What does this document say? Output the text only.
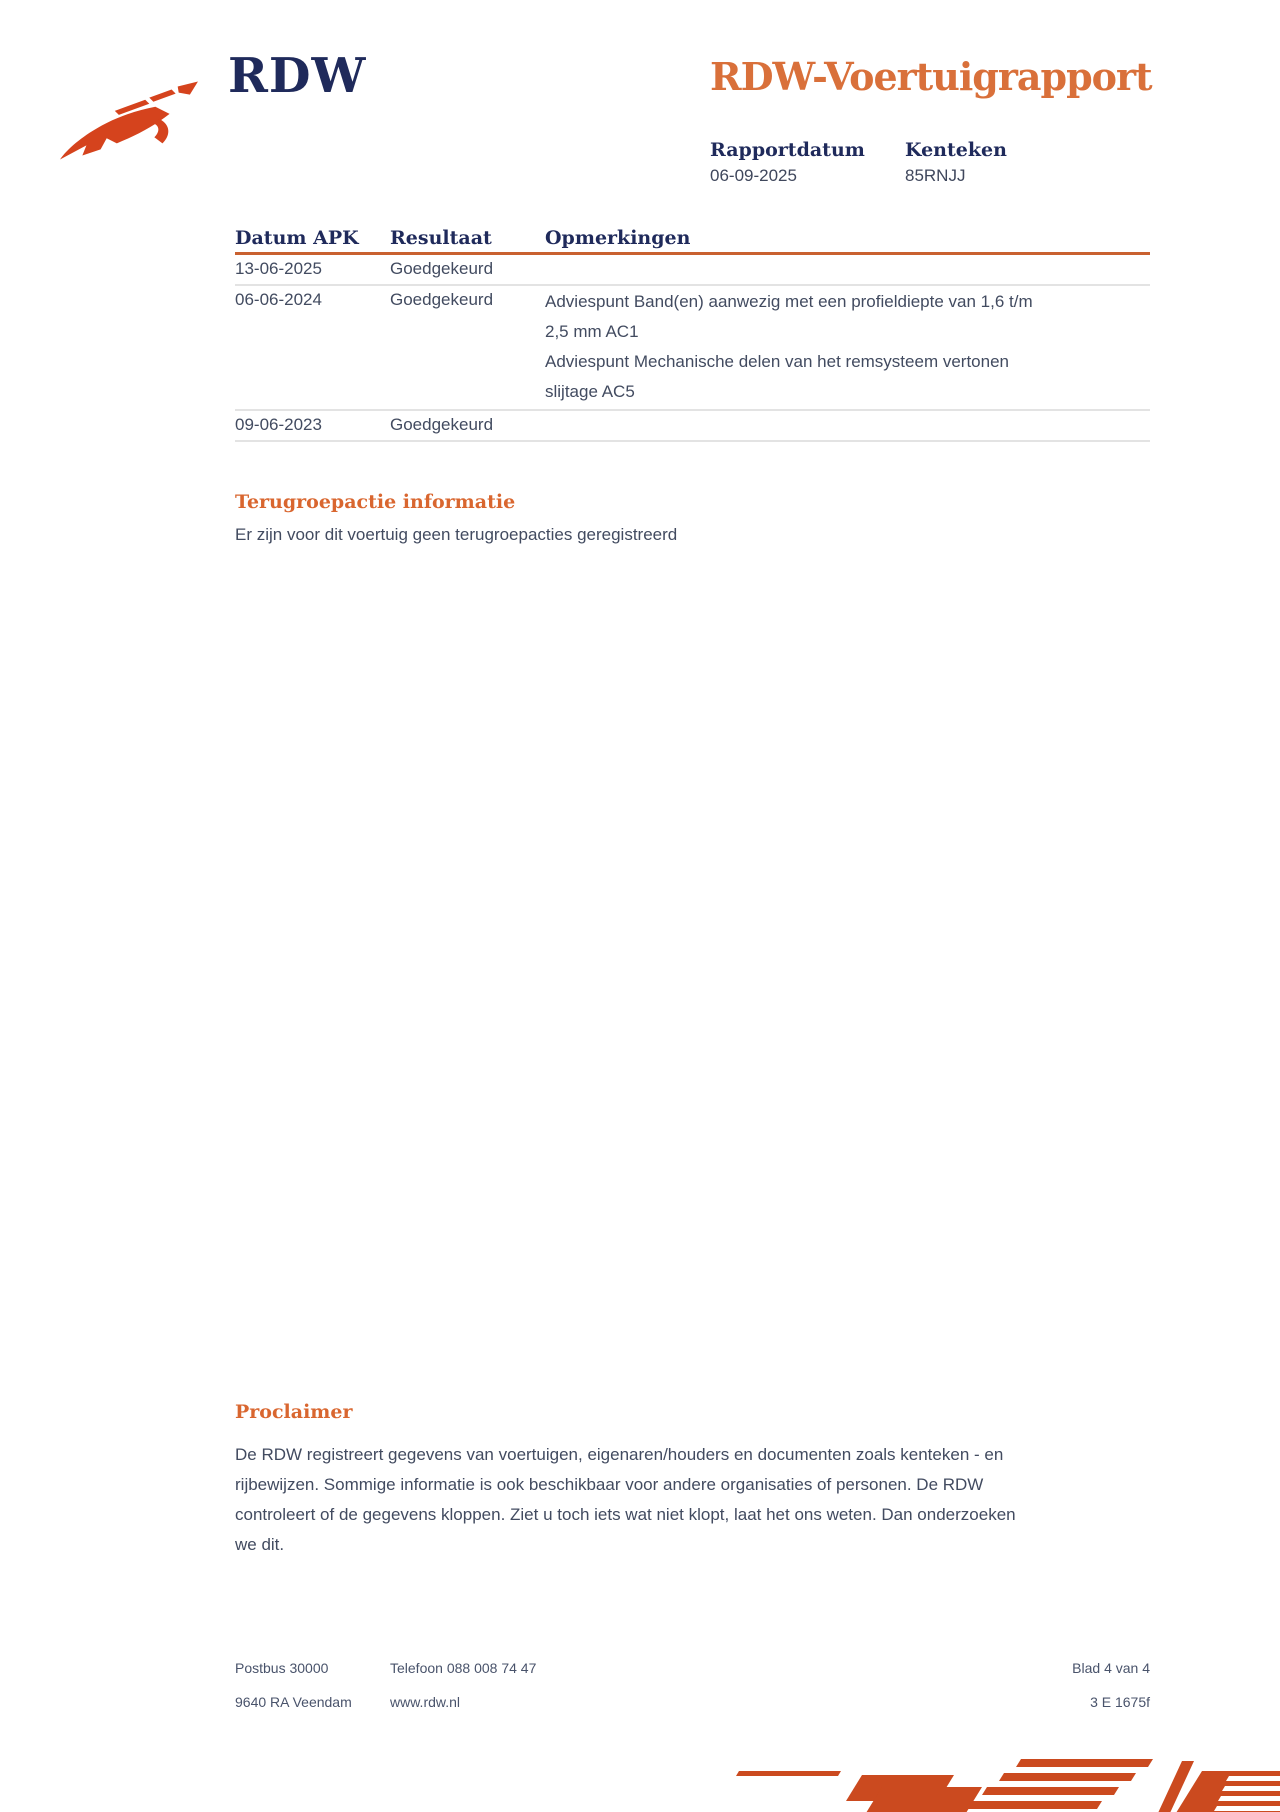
RDW	RDW-Voertuigrapport
Rapportdatum Kenteken
06-09-2025	85RNJJ
Datum APK	Resultaat	Opmerkingen
13-06-2025	Goedgekeurd
06-06-2024	Goedgekeurd	Adviespunt Band(en) aanwezig met een profieldiepte van 1,6 t/m 2,5 mm AC1
Adviespunt Mechanische delen van het remsysteem vertonen slijtage AC5
09-06-2023	Goedgekeurd
Terugroepactie informatie
Er zijn voor dit voertuig geen terugroepacties geregistreerd
Proclaimer
De RDW registreert gegevens van voertuigen, eigenaren/houders en documenten zoals kenteken - en rijbewijzen. Sommige informatie is ook beschikbaar voor andere organisaties of personen. De RDW controleert of de gegevens kloppen. Ziet u toch iets wat niet klopt, laat het ons weten. Dan onderzoeken we dit.
Postbus 30000
9640 RA Veendam
Telefoon 088 008 74 47
www.rdw.nl
Blad 4 van 4
3 E 1675f
